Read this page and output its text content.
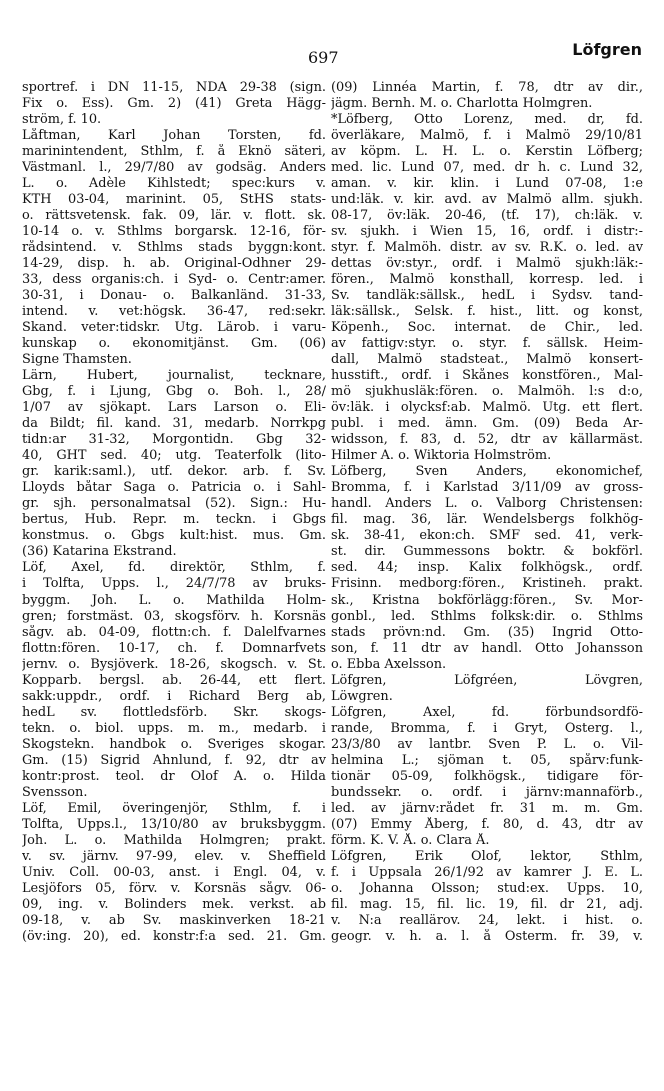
697	Löfgren
sportref. i DN 11-15, NDA 29-38 (sign.
Fix o. Ess). Gm. 2) (41) Greta Hägg-
ström, f. 10.
Låftman, Karl Johan Torsten, fd.
marinintendent, Sthlm, f. å Eknö säteri,
Västmanl. l., 29/7/80 av godsäg. Anders
L. o. Adèle Kihlstedt; spec:kurs v.
KTH 03-04, marinint. 05, StHS stats-
o. rättsvetensk. fak. 09, lär. v. flott. sk.
10-14 o. v. Sthlms borgarsk. 12-16, för-
rådsintend. v. Sthlms stads byggn:kont.
14-29, disp. h. ab. Original-Odhner 29-
33, dess organis:ch. i Syd- o. Centr:amer.
30-31, i Donau- o. Balkanländ. 31-33,
intend. v. vet:högsk. 36-47, red:sekr.
Skand. veter:tidskr. Utg. Lärob. i varu-
kunskap o. ekonomitjänst. Gm. (06)
Signe Thamsten.
Lärn, Hubert, journalist, tecknare,
Gbg, f. i Ljung, Gbg o. Boh. l., 28/
1/07 av sjökapt. Lars Larson o. Eli-
da Bildt; fil. kand. 31, medarb. Norrkpg
tidn:ar 31-32, Morgontidn. Gbg 32-
40, GHT sed. 40; utg. Teaterfolk (lito-
gr. karik:saml.), utf. dekor. arb. f. Sv.
Lloyds båtar Saga o. Patricia o. i Sahl-
gr. sjh. personalmatsal (52). Sign.: Hu-
bertus, Hub. Repr. m. teckn. i Gbgs
konstmus. o. Gbgs kult:hist. mus. Gm.
(36) Katarina Ekstrand.
Löf, Axel, fd. direktör, Sthlm, f.
i Tolfta, Upps. l., 24/7/78 av bruks-
byggm. Joh. L. o. Mathilda Holm-
gren; forstmäst. 03, skogsförv. h. Korsnäs
sågv. ab. 04-09, flottn:ch. f. Dalelfvarnes
flottn:fören. 10-17, ch. f. Domnarfvets
jernv. o. Bysjöverk. 18-26, skogsch. v. St.
Kopparb. bergsl. ab. 26-44, ett flert.
sakk:uppdr., ordf. i Richard Berg ab,
hedL sv. flottledsförb. Skr. skogs-
tekn. o. biol. upps. m. m., medarb. i
Skogstekn. handbok o. Sveriges skogar.
Gm. (15) Sigrid Ahnlund, f. 92, dtr av
kontr:prost. teol. dr Olof A. o. Hilda
Svensson.
Löf, Emil, överingenjör, Sthlm, f. i
Tolfta, Upps.l., 13/10/80 av bruksbyggm.
Joh. L. o. Mathilda Holmgren; prakt.
v. sv. järnv. 97-99, elev. v. Sheffield
Univ. Coll. 00-03, anst. i Engl. 04, v.
Lesjöfors 05, förv. v. Korsnäs sågv. 06-
09, ing. v. Bolinders mek. verkst. ab
09-18, v. ab Sv. maskinverken 18-21
(öv:ing. 20), ed. konstr:f:a sed. 21. Gm.
(09) Linnéa Martin, f. 78, dtr av dir.,
jägm. Bernh. M. o. Charlotta Holmgren.
*Löfberg, Otto Lorenz, med. dr, fd.
överläkare, Malmö, f. i Malmö 29/10/81
av köpm. L. H. L. o. Kerstin Löfberg;
med. lic. Lund 07, med. dr h. c. Lund 32,
aman. v. kir. klin. i Lund 07-08, 1:e
und:läk. v. kir. avd. av Malmö allm. sjukh.
08-17, öv:läk. 20-46, (tf. 17), ch:läk. v.
sv. sjukh. i Wien 15, 16, ordf. i distr:-
styr. f. Malmöh. distr. av sv. R.K. o. led. av
dettas öv:styr., ordf. i Malmö sjukh:läk:-
fören., Malmö konsthall, korresp. led. i
Sv. tandläk:sällsk., hedL i Sydsv. tand-
läk:sällsk., Selsk. f. hist., litt. og konst,
Köpenh., Soc. internat. de Chir., led.
av fattigv:styr. o. styr. f. sällsk. Heim-
dall, Malmö stadsteat., Malmö konsert-
husstift., ordf. i Skånes konstfören., Mal-
mö sjukhusläk:fören. o. Malmöh. l:s d:o,
öv:läk. i olycksf:ab. Malmö. Utg. ett flert.
publ. i med. ämn. Gm. (09) Beda Ar-
widsson, f. 83, d. 52, dtr av källarmäst.
Hilmer A. o. Wiktoria Holmström.
Löfberg, Sven Anders, ekonomichef,
Bromma, f. i Karlstad 3/11/09 av gross-
handl. Anders L. o. Valborg Christensen:
fil. mag. 36, lär. Wendelsbergs folkhög-
sk. 38-41, ekon:ch. SMF sed. 41, verk-
st. dir. Gummessons boktr. & bokförl.
sed. 44; insp. Kalix folkhögsk., ordf.
Frisinn. medborg:fören., Kristineh. prakt.
sk., Kristna bokförlägg:fören., Sv. Mor-
gonbl., led. Sthlms folksk:dir. o. Sthlms
stads prövn:nd. Gm. (35) Ingrid Otto-
son, f. 11 dtr av handl. Otto Johansson
o. Ebba Axelsson.
Löfgren, Löfgréen, Lövgren,
Löwgren.
Löfgren, Axel, fd. förbundsordfö-
rande, Bromma, f. i Gryt, Österg. l.,
23/3/80 av lantbr. Sven P. L. o. Vil-
helmina L.; sjöman t. 05, spårv:funk-
tionär 05-09, folkhögsk., tidigare för-
bundssekr. o. ordf. i järnv:mannaförb.,
led. av järnv:rådet fr. 31 m. m. Gm.
(07) Emmy Åberg, f. 80, d. 43, dtr av
förm. K. V. Å. o. Clara Å.
Löfgren, Erik Olof, lektor, Sthlm,
f. i Uppsala 26/1/92 av kamrer J. E. L.
o. Johanna Olsson; stud:ex. Upps. 10,
fil. mag. 15, fil. lic. 19, fil. dr 21, adj.
v. N:a reallärov. 24, lekt. i hist. o.
geogr. v. h. a. l. å Österm. fr. 39, v.
